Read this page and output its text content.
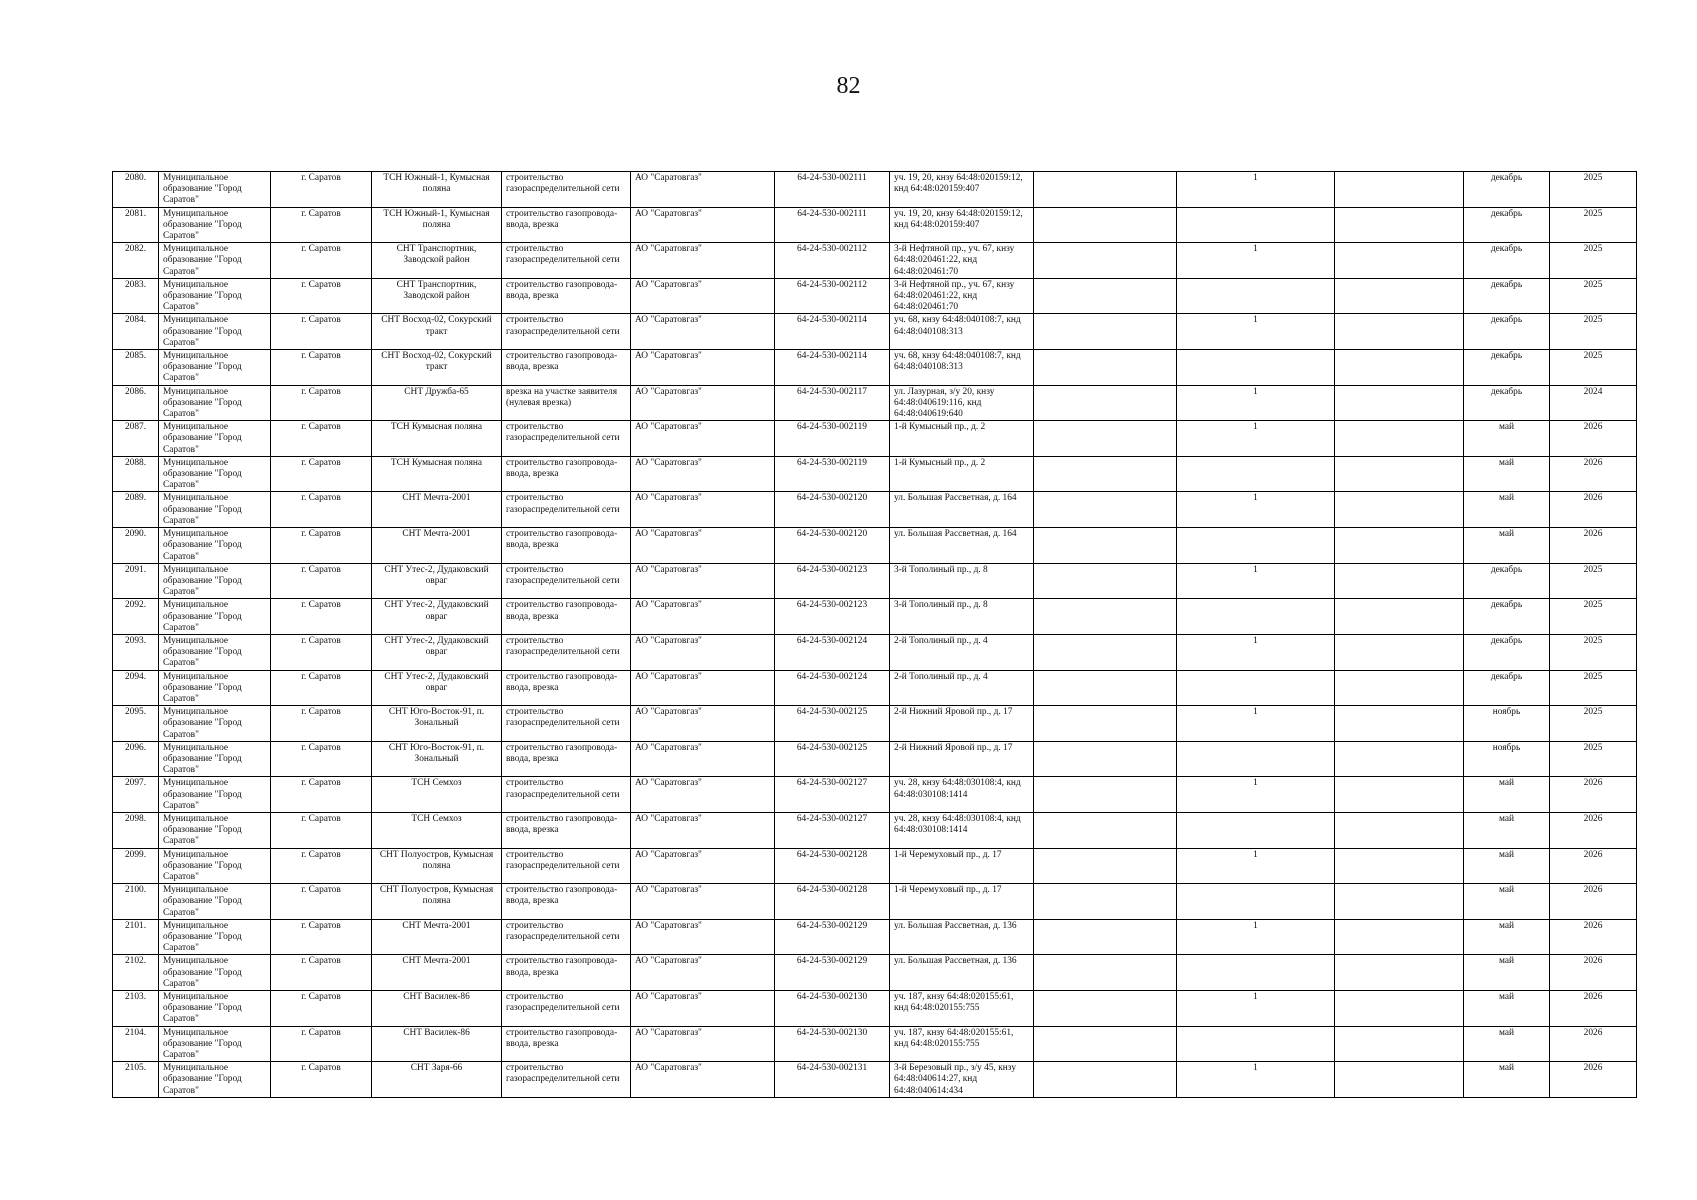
82
2080.	Муниципальное образование "Город Саратов"	г. Саратов	ТСН Южный-1, Кумысная поляна	строительство газораспределительной сети	АО "Саратовгаз"	64-24-530-002111	уч. 19, 20, кнзу 64:48:020159:12, кнд 64:48:020159:407		1		декабрь	2025
2081.	Муниципальное образование "Город Саратов"	г. Саратов	ТСН Южный-1, Кумысная поляна	строительство газопровода-ввода, врезка	АО "Саратовгаз"	64-24-530-002111	уч. 19, 20, кнзу 64:48:020159:12, кнд 64:48:020159:407				декабрь	2025
2082.	Муниципальное образование "Город Саратов"	г. Саратов	СНТ Транспортник, Заводской район	строительство газораспределительной сети	АО "Саратовгаз"	64-24-530-002112	3-й Нефтяной пр., уч. 67, кнзу 64:48:020461:22, кнд 64:48:020461:70		1		декабрь	2025
2083.	Муниципальное образование "Город Саратов"	г. Саратов	СНТ Транспортник, Заводской район	строительство газопровода-ввода, врезка	АО "Саратовгаз"	64-24-530-002112	3-й Нефтяной пр., уч. 67, кнзу 64:48:020461:22, кнд 64:48:020461:70				декабрь	2025
2084.	Муниципальное образование "Город Саратов"	г. Саратов	СНТ Восход-02, Сокурский тракт	строительство газораспределительной сети	АО "Саратовгаз"	64-24-530-002114	уч. 68, кнзу 64:48:040108:7, кнд 64:48:040108:313		1		декабрь	2025
2085.	Муниципальное образование "Город Саратов"	г. Саратов	СНТ Восход-02, Сокурский тракт	строительство газопровода-ввода, врезка	АО "Саратовгаз"	64-24-530-002114	уч. 68, кнзу 64:48:040108:7, кнд 64:48:040108:313				декабрь	2025
2086.	Муниципальное образование "Город Саратов"	г. Саратов	СНТ Дружба-65	врезка на участке заявителя (нулевая врезка)	АО "Саратовгаз"	64-24-530-002117	ул. Лазурная, з/у 20, кнзу 64:48:040619:116, кнд 64:48:040619:640		1		декабрь	2024
2087.	Муниципальное образование "Город Саратов"	г. Саратов	ТСН Кумысная поляна	строительство газораспределительной сети	АО "Саратовгаз"	64-24-530-002119	1-й Кумысный пр., д. 2		1		май	2026
2088.	Муниципальное образование "Город Саратов"	г. Саратов	ТСН Кумысная поляна	строительство газопровода-ввода, врезка	АО "Саратовгаз"	64-24-530-002119	1-й Кумысный пр., д. 2				май	2026
2089.	Муниципальное образование "Город Саратов"	г. Саратов	СНТ Мечта-2001	строительство газораспределительной сети	АО "Саратовгаз"	64-24-530-002120	ул. Большая Рассветная, д. 164		1		май	2026
2090.	Муниципальное образование "Город Саратов"	г. Саратов	СНТ Мечта-2001	строительство газопровода-ввода, врезка	АО "Саратовгаз"	64-24-530-002120	ул. Большая Рассветная, д. 164				май	2026
2091.	Муниципальное образование "Город Саратов"	г. Саратов	СНТ Утес-2, Дудаковский овраг	строительство газораспределительной сети	АО "Саратовгаз"	64-24-530-002123	3-й Тополиный пр., д. 8		1		декабрь	2025
2092.	Муниципальное образование "Город Саратов"	г. Саратов	СНТ Утес-2, Дудаковский овраг	строительство газопровода-ввода, врезка	АО "Саратовгаз"	64-24-530-002123	3-й Тополиный пр., д. 8				декабрь	2025
2093.	Муниципальное образование "Город Саратов"	г. Саратов	СНТ Утес-2, Дудаковский овраг	строительство газораспределительной сети	АО "Саратовгаз"	64-24-530-002124	2-й Тополиный пр., д. 4		1		декабрь	2025
2094.	Муниципальное образование "Город Саратов"	г. Саратов	СНТ Утес-2, Дудаковский овраг	строительство газопровода-ввода, врезка	АО "Саратовгаз"	64-24-530-002124	2-й Тополиный пр., д. 4				декабрь	2025
2095.	Муниципальное образование "Город Саратов"	г. Саратов	СНТ Юго-Восток-91, п. Зональный	строительство газораспределительной сети	АО "Саратовгаз"	64-24-530-002125	2-й Нижний Яровой пр., д. 17		1		ноябрь	2025
2096.	Муниципальное образование "Город Саратов"	г. Саратов	СНТ Юго-Восток-91, п. Зональный	строительство газопровода-ввода, врезка	АО "Саратовгаз"	64-24-530-002125	2-й Нижний Яровой пр., д. 17				ноябрь	2025
2097.	Муниципальное образование "Город Саратов"	г. Саратов	ТСН Семхоз	строительство газораспределительной сети	АО "Саратовгаз"	64-24-530-002127	уч. 28, кнзу 64:48:030108:4, кнд 64:48:030108:1414		1		май	2026
2098.	Муниципальное образование "Город Саратов"	г. Саратов	ТСН Семхоз	строительство газопровода-ввода, врезка	АО "Саратовгаз"	64-24-530-002127	уч. 28, кнзу 64:48:030108:4, кнд 64:48:030108:1414				май	2026
2099.	Муниципальное образование "Город Саратов"	г. Саратов	СНТ Полуостров, Кумысная поляна	строительство газораспределительной сети	АО "Саратовгаз"	64-24-530-002128	1-й Черемуховый пр., д. 17		1		май	2026
2100.	Муниципальное образование "Город Саратов"	г. Саратов	СНТ Полуостров, Кумысная поляна	строительство газопровода-ввода, врезка	АО "Саратовгаз"	64-24-530-002128	1-й Черемуховый пр., д. 17				май	2026
2101.	Муниципальное образование "Город Саратов"	г. Саратов	СНТ Мечта-2001	строительство газораспределительной сети	АО "Саратовгаз"	64-24-530-002129	ул. Большая Рассветная, д. 136		1		май	2026
2102.	Муниципальное образование "Город Саратов"	г. Саратов	СНТ Мечта-2001	строительство газопровода-ввода, врезка	АО "Саратовгаз"	64-24-530-002129	ул. Большая Рассветная, д. 136				май	2026
2103.	Муниципальное образование "Город Саратов"	г. Саратов	СНТ Василек-86	строительство газораспределительной сети	АО "Саратовгаз"	64-24-530-002130	уч. 187, кнзу 64:48:020155:61, кнд 64:48:020155:755		1		май	2026
2104.	Муниципальное образование "Город Саратов"	г. Саратов	СНТ Василек-86	строительство газопровода-ввода, врезка	АО "Саратовгаз"	64-24-530-002130	уч. 187, кнзу 64:48:020155:61, кнд 64:48:020155:755				май	2026
2105.	Муниципальное образование "Город Саратов"	г. Саратов	СНТ Заря-66	строительство газораспределительной сети	АО "Саратовгаз"	64-24-530-002131	3-й Березовый пр., з/у 45, кнзу 64:48:040614:27, кнд 64:48:040614:434		1		май	2026
